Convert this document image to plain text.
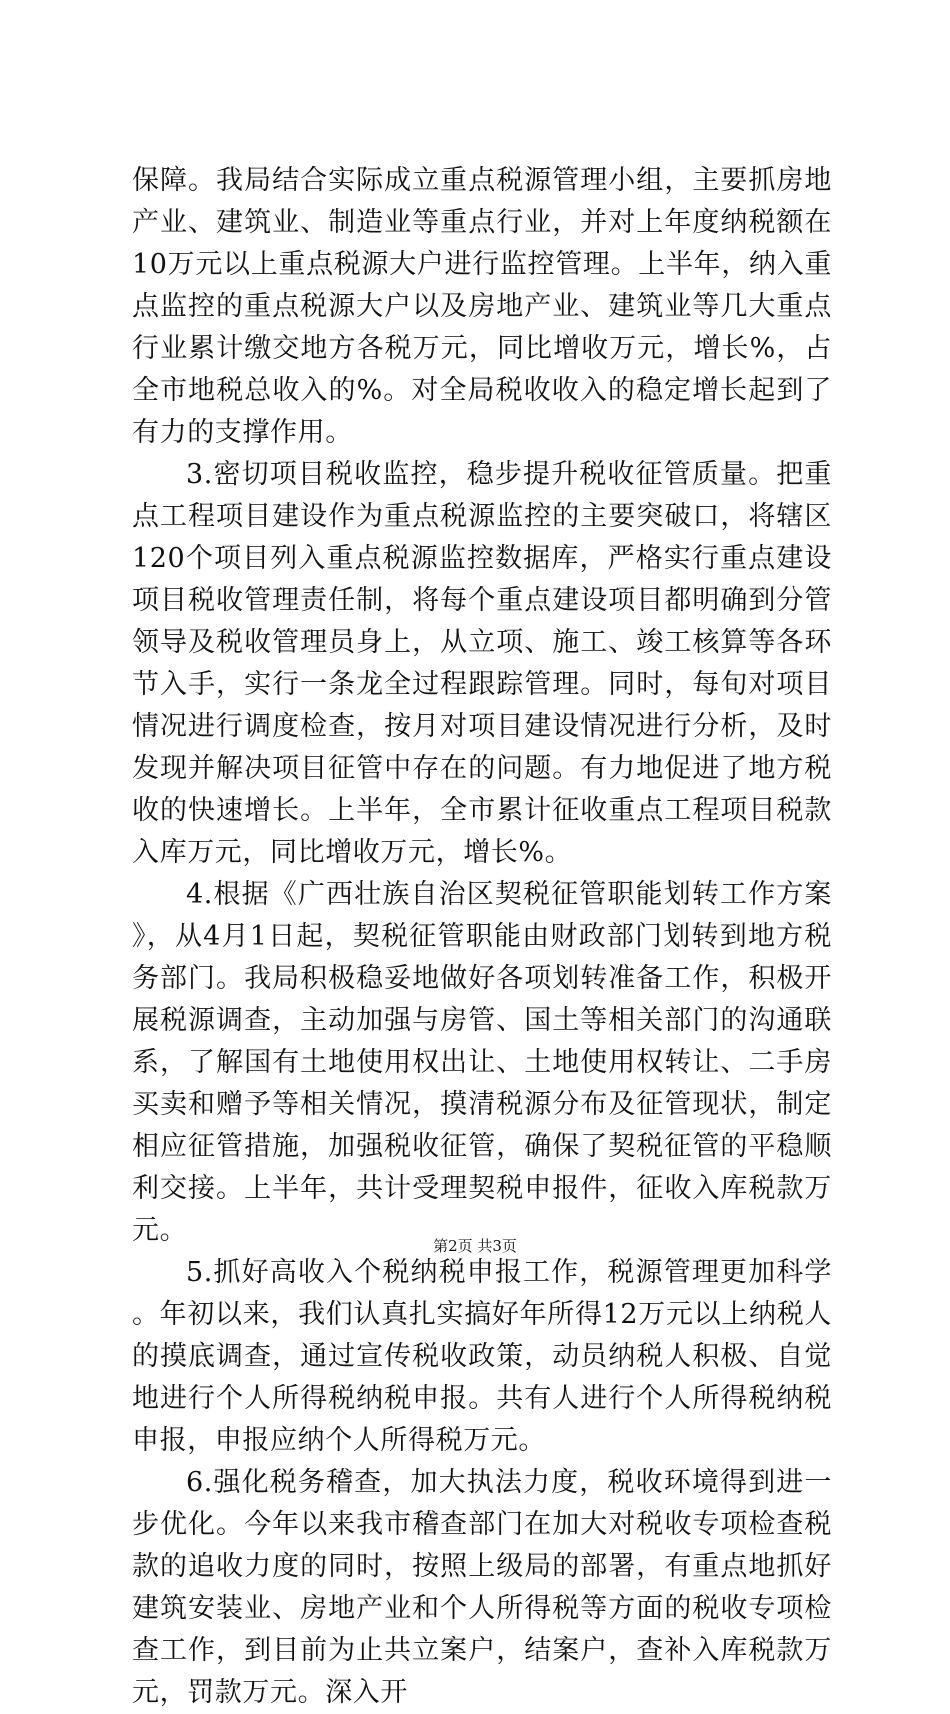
保障。我局结合实际成立重点税源管理小组，主要抓房地产业、建筑业、制造业等重点行业，并对上年度纳税额在10万元以上重点税源大户进行监控管理。上半年，纳入重点监控的重点税源大户以及房地产业、建筑业等几大重点行业累计缴交地方各税万元，同比增收万元，增长%，占全市地税总收入的%。对全局税收收入的稳定增长起到了有力的支撑作用。

3.密切项目税收监控，稳步提升税收征管质量。把重点工程项目建设作为重点税源监控的主要突破口，将辖区120个项目列入重点税源监控数据库，严格实行重点建设项目税收管理责任制，将每个重点建设项目都明确到分管领导及税收管理员身上，从立项、施工、竣工核算等各环节入手，实行一条龙全过程跟踪管理。同时，每旬对项目情况进行调度检查，按月对项目建设情况进行分析，及时发现并解决项目征管中存在的问题。有力地促进了地方税收的快速增长。上半年，全市累计征收重点工程项目税款入库万元，同比增收万元，增长%。

4.根据《广西壮族自治区契税征管职能划转工作方案》，从4月1日起，契税征管职能由财政部门划转到地方税务部门。我局积极稳妥地做好各项划转准备工作，积极开展税源调查，主动加强与房管、国土等相关部门的沟通联系，了解国有土地使用权出让、土地使用权转让、二手房买卖和赠予等相关情况，摸清税源分布及征管现状，制定相应征管措施，加强税收征管，确保了契税征管的平稳顺利交接。上半年，共计受理契税申报件，征收入库税款万元。

5.抓好高收入个税纳税申报工作，税源管理更加科学。年初以来，我们认真扎实搞好年所得12万元以上纳税人的摸底调查，通过宣传税收政策，动员纳税人积极、自觉地进行个人所得税纳税申报。共有人进行个人所得税纳税申报，申报应纳个人所得税万元。

6.强化税务稽查，加大执法力度，税收环境得到进一步优化。今年以来我市稽查部门在加大对税收专项检查税款的追收力度的同时，按照上级局的部署，有重点地抓好建筑安装业、房地产业和个人所得税等方面的税收专项检查工作，到目前为止共立案户，结案户，查补入库税款万元，罚款万元。深入开

第2页 共3页
